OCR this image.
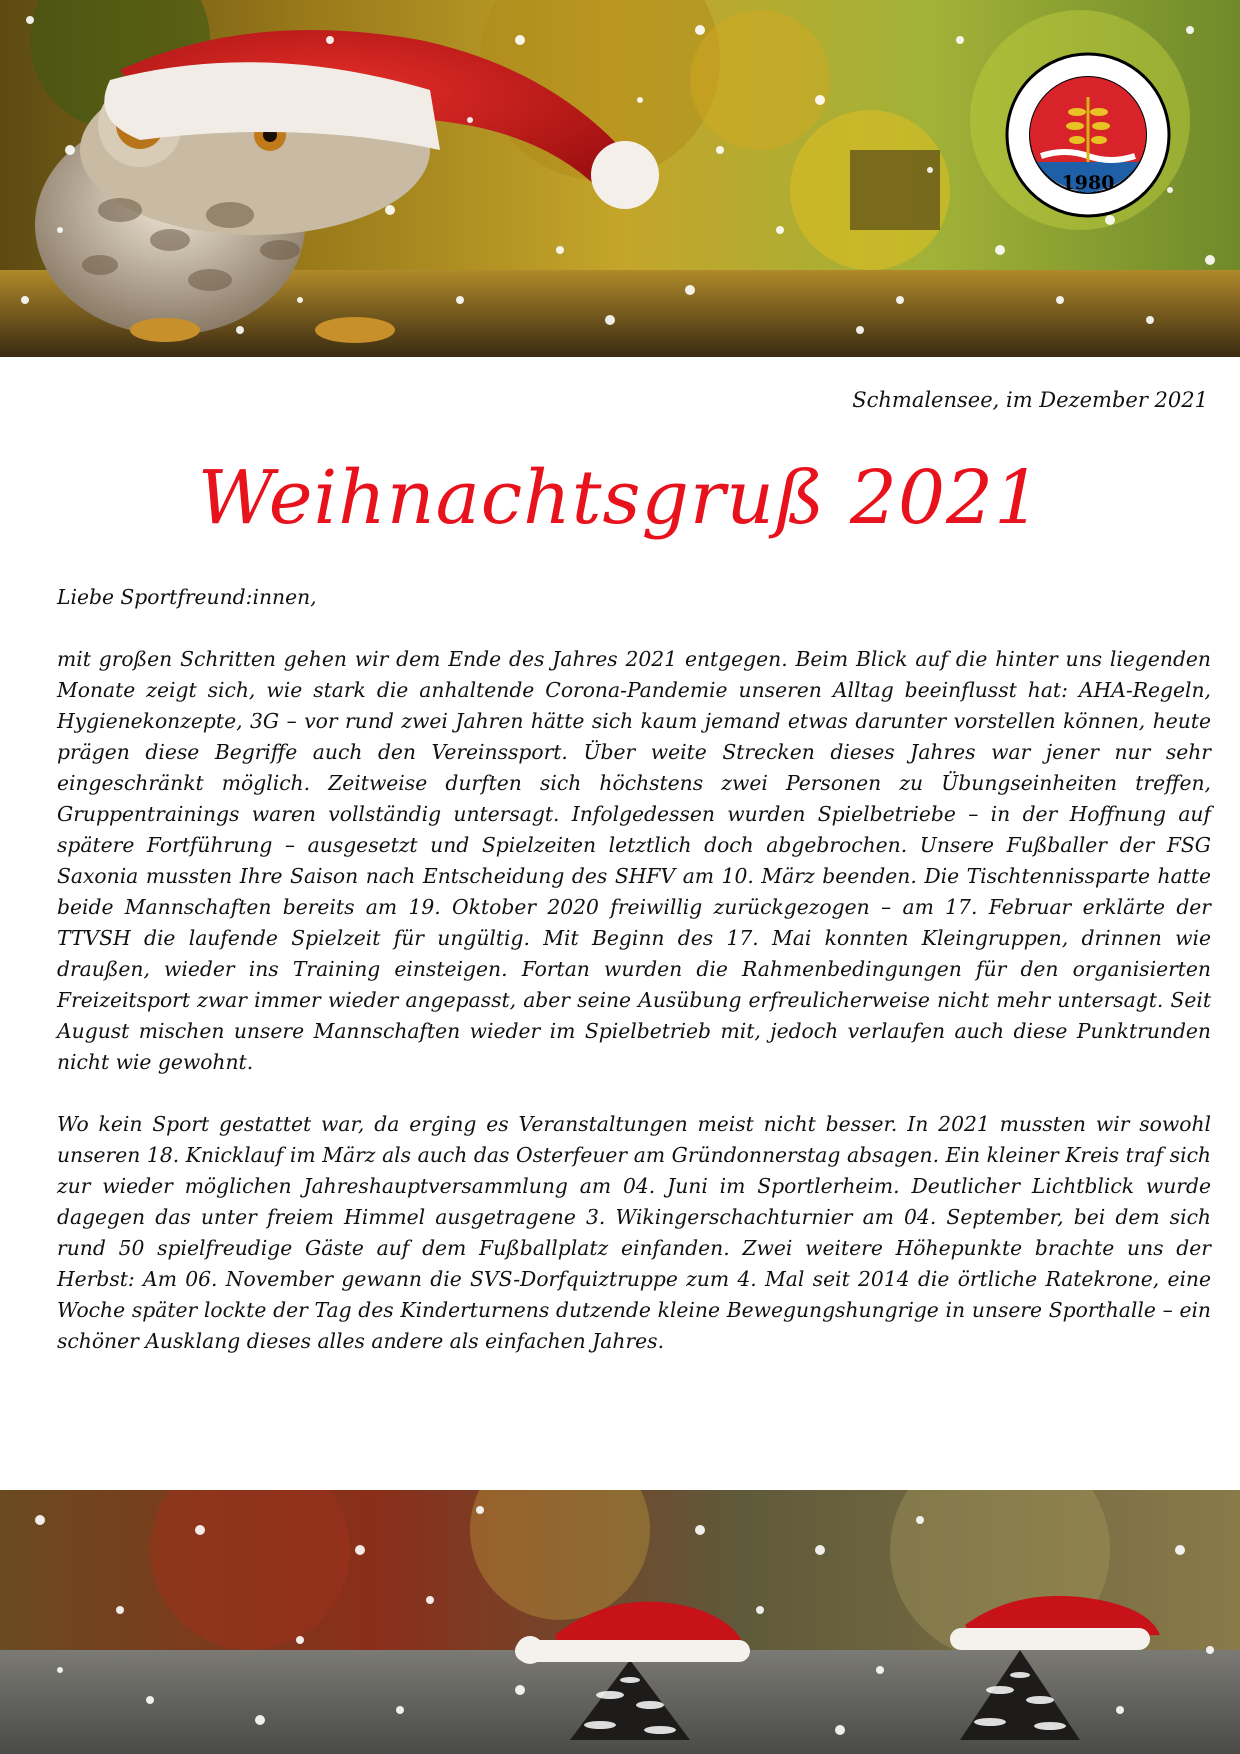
1980
Schmalensee, im Dezember 2021
Weihnachtsgruß 2021

Liebe Sportfreund:innen,

mit großen Schritten gehen wir dem Ende des Jahres 2021 entgegen. Beim Blick auf die hinter uns liegenden Monate zeigt sich, wie stark die anhaltende Corona-Pandemie unseren Alltag beeinflusst hat: AHA-Regeln, Hygienekonzepte, 3G – vor rund zwei Jahren hätte sich kaum jemand etwas darunter vorstellen können, heute prägen diese Begriffe auch den Vereinssport. Über weite Strecken dieses Jahres war jener nur sehr eingeschränkt möglich. Zeitweise durften sich höchstens zwei Personen zu Übungseinheiten treffen, Gruppentrainings waren vollständig untersagt. Infolgedessen wurden Spielbetriebe – in der Hoffnung auf spätere Fortführung – ausgesetzt und Spielzeiten letztlich doch abgebrochen. Unsere Fußballer der FSG Saxonia mussten Ihre Saison nach Entscheidung des SHFV am 10. März beenden. Die Tischtennissparte hatte beide Mannschaften bereits am 19. Oktober 2020 freiwillig zurückgezogen – am 17. Februar erklärte der TTVSH die laufende Spielzeit für ungültig. Mit Beginn des 17. Mai konnten Kleingruppen, drinnen wie draußen, wieder ins Training einsteigen. Fortan wurden die Rahmenbedingungen für den organisierten Freizeitsport zwar immer wieder angepasst, aber seine Ausübung erfreulicherweise nicht mehr untersagt. Seit August mischen unsere Mannschaften wieder im Spielbetrieb mit, jedoch verlaufen auch diese Punktrunden nicht wie gewohnt.

Wo kein Sport gestattet war, da erging es Veranstaltungen meist nicht besser. In 2021 mussten wir sowohl unseren 18. Knicklauf im März als auch das Osterfeuer am Gründonnerstag absagen. Ein kleiner Kreis traf sich zur wieder möglichen Jahreshauptversammlung am 04. Juni im Sportlerheim. Deutlicher Lichtblick wurde dagegen das unter freiem Himmel ausgetragene 3. Wikingerschachturnier am 04. September, bei dem sich rund 50 spielfreudige Gäste auf dem Fußballplatz einfanden. Zwei weitere Höhepunkte brachte uns der Herbst: Am 06. November gewann die SVS-Dorfquiztruppe zum 4. Mal seit 2014 die örtliche Ratekrone, eine Woche später lockte der Tag des Kinderturnens dutzende kleine Bewegungshungrige in unsere Sporthalle – ein schöner Ausklang dieses alles andere als einfachen Jahres.
